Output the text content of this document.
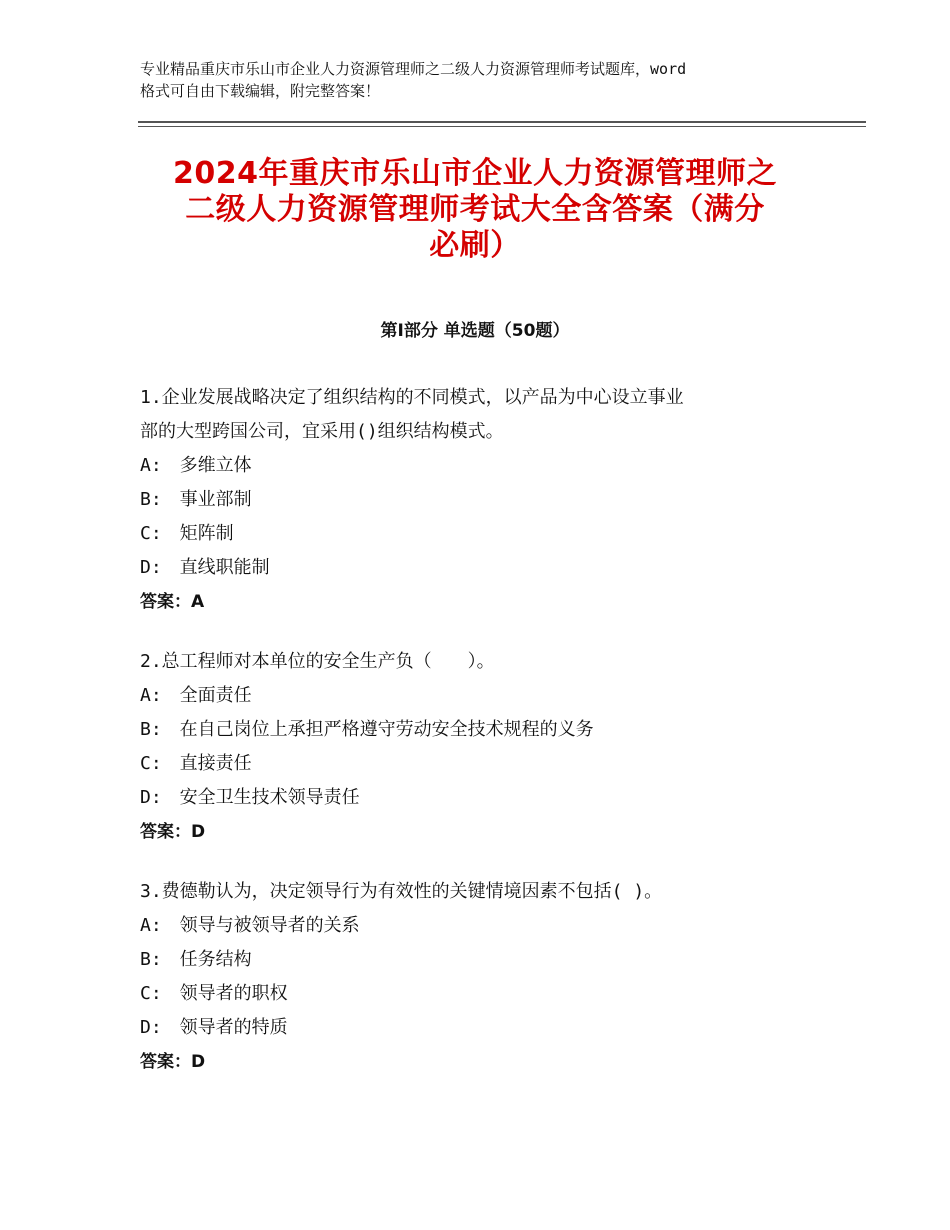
专业精品重庆市乐山市企业人力资源管理师之二级人力资源管理师考试题库，word
格式可自由下载编辑，附完整答案！
2024年重庆市乐山市企业人力资源管理师之
二级人力资源管理师考试大全含答案（满分
必刷）
第Ⅰ部分 单选题（50题）
1.企业发展战略决定了组织结构的不同模式，以产品为中心设立事业
部的大型跨国公司，宜采用()组织结构模式。
A:　多维立体
B:　事业部制
C:　矩阵制
D:　直线职能制
答案：A
2.总工程师对本单位的安全生产负（　　）。
A:　全面责任
B:　在自己岗位上承担严格遵守劳动安全技术规程的义务
C:　直接责任
D:　安全卫生技术领导责任
答案：D
3.费德勒认为，决定领导行为有效性的关键情境因素不包括( )。
A:　领导与被领导者的关系
B:　任务结构
C:　领导者的职权
D:　领导者的特质
答案：D
